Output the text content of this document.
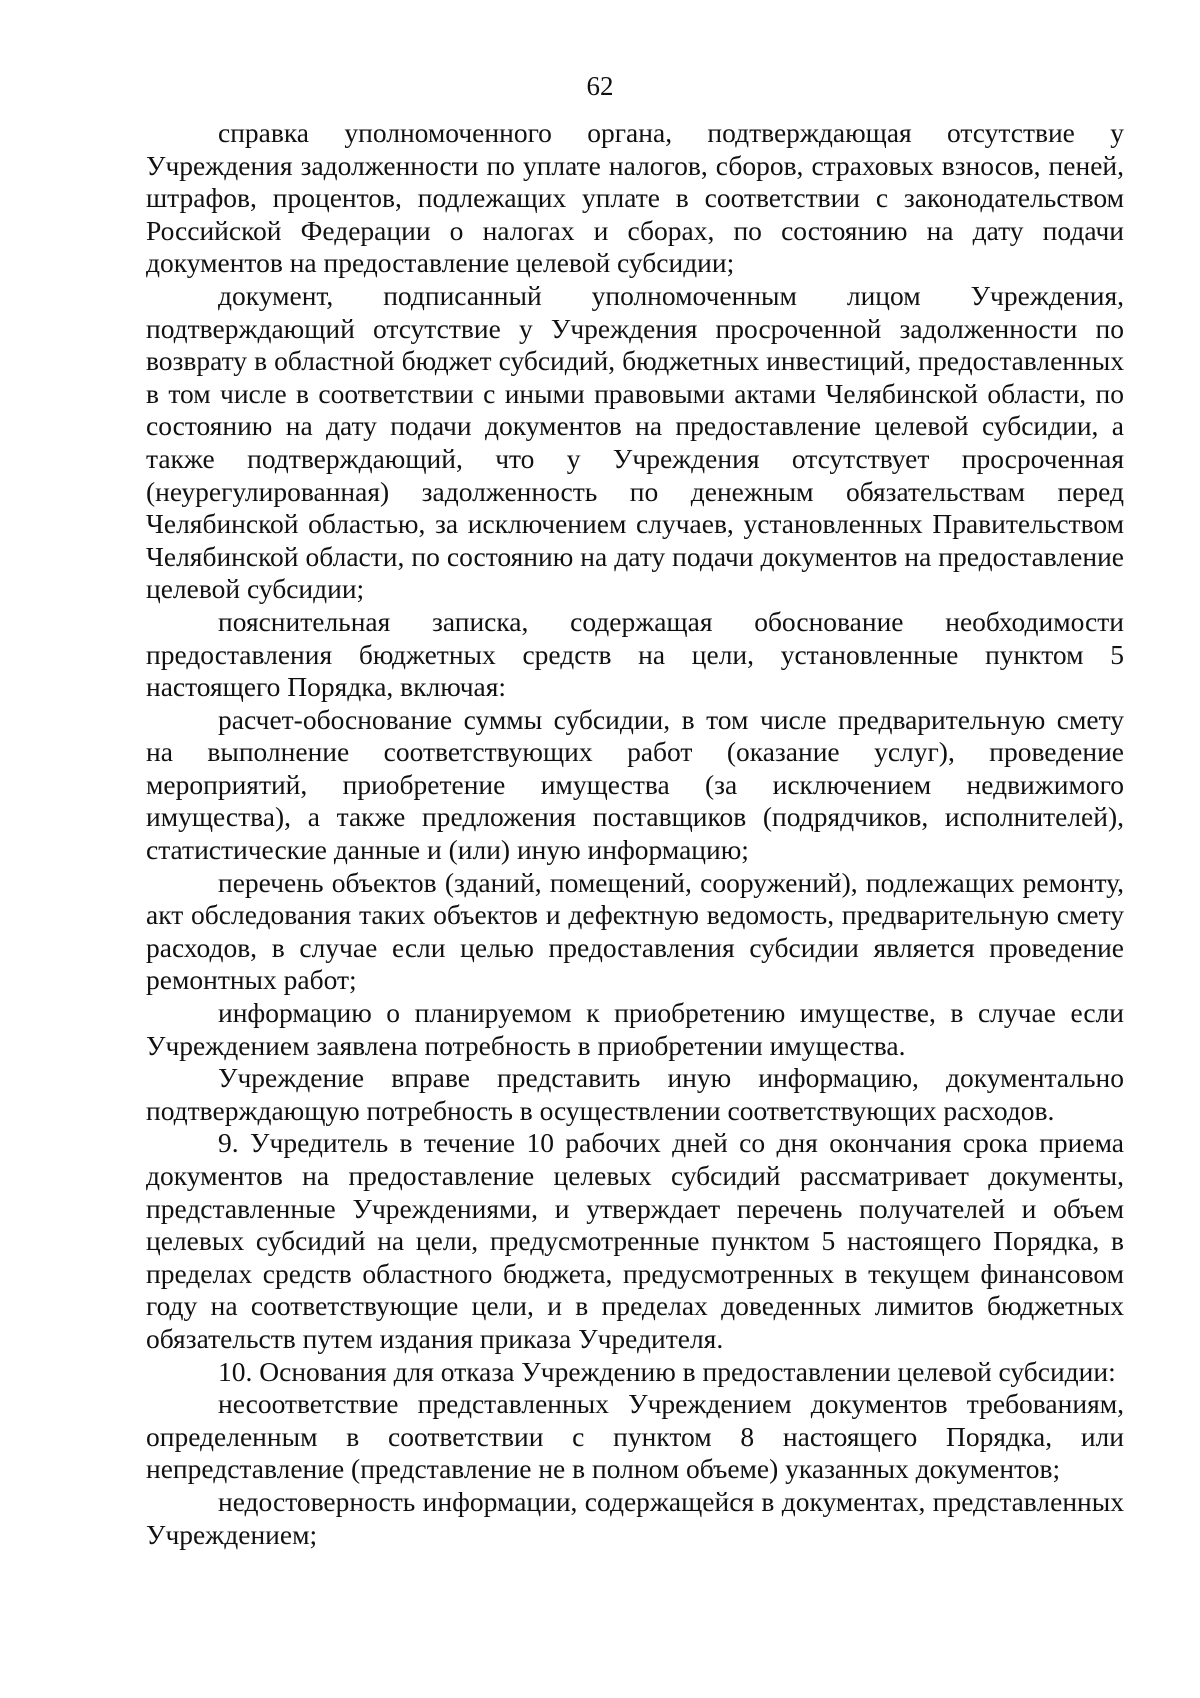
62

справка уполномоченного органа, подтверждающая отсутствие у Учреждения задолженности по уплате налогов, сборов, страховых взносов, пеней, штрафов, процентов, подлежащих уплате в соответствии с законодательством Российской Федерации о налогах и сборах, по состоянию на дату подачи документов на предоставление целевой субсидии;

документ, подписанный уполномоченным лицом Учреждения, подтверждающий отсутствие у Учреждения просроченной задолженности по возврату в областной бюджет субсидий, бюджетных инвестиций, предоставленных в том числе в соответствии с иными правовыми актами Челябинской области, по состоянию на дату подачи документов на предоставление целевой субсидии, а также подтверждающий, что у Учреждения отсутствует просроченная (неурегулированная) задолженность по денежным обязательствам перед Челябинской областью, за исключением случаев, установленных Правительством Челябинской области, по состоянию на дату подачи документов на предоставление целевой субсидии;

пояснительная записка, содержащая обоснование необходимости предоставления бюджетных средств на цели, установленные пунктом 5 настоящего Порядка, включая:

расчет-обоснование суммы субсидии, в том числе предварительную смету на выполнение соответствующих работ (оказание услуг), проведение мероприятий, приобретение имущества (за исключением недвижимого имущества), а также предложения поставщиков (подрядчиков, исполнителей), статистические данные и (или) иную информацию;

перечень объектов (зданий, помещений, сооружений), подлежащих ремонту, акт обследования таких объектов и дефектную ведомость, предварительную смету расходов, в случае если целью предоставления субсидии является проведение ремонтных работ;

информацию о планируемом к приобретению имуществе, в случае если Учреждением заявлена потребность в приобретении имущества.

Учреждение вправе представить иную информацию, документально подтверждающую потребность в осуществлении соответствующих расходов.

9. Учредитель в течение 10 рабочих дней со дня окончания срока приема документов на предоставление целевых субсидий рассматривает документы, представленные Учреждениями, и утверждает перечень получателей и объем целевых субсидий на цели, предусмотренные пунктом 5 настоящего Порядка, в пределах средств областного бюджета, предусмотренных в текущем финансовом году на соответствующие цели, и в пределах доведенных лимитов бюджетных обязательств путем издания приказа Учредителя.

10. Основания для отказа Учреждению в предоставлении целевой субсидии:

несоответствие представленных Учреждением документов требованиям, определенным в соответствии с пунктом 8 настоящего Порядка, или непредставление (представление не в полном объеме) указанных документов;

недостоверность информации, содержащейся в документах, представленных Учреждением;
